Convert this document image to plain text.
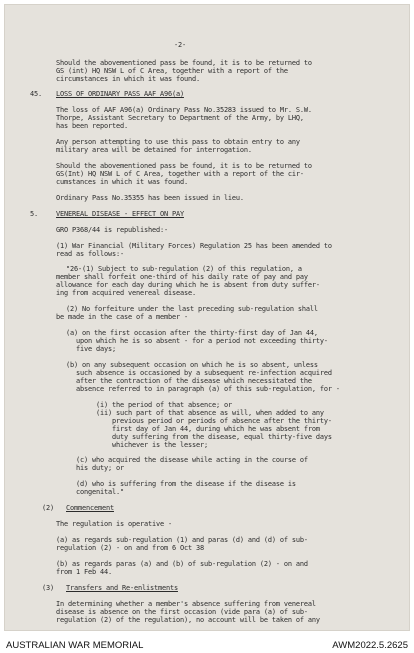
-2-
Should the abovementioned pass be found, it is to be returned to
GS (int) HQ NSW L of C Area, together with a report of the
circumstances in which it was found.
45. LOSS OF ORDINARY PASS AAF A96(a)
The loss of AAF A96(a) Ordinary Pass No.35283 issued to Mr. S.W.
Thorpe, Assistant Secretary to Department of the Army, by LHQ,
has been reported.
Any person attempting to use this pass to obtain entry to any
military area will be detained for interrogation.
Should the abovementioned pass be found, it is to be returned to
GS(Int) HQ NSW L of C Area, together with a report of the cir-
cumstances in which it was found.
Ordinary Pass No.35355 has been issued in lieu.
5.	VENEREAL DISEASE - EFFECT ON PAY
GRO P368/44 is republished:-
(1) War Financial (Military Forces) Regulation 25 has been amended to
read as follows:-
"26-(1) Subject to sub-regulation (2) of this regulation, a
member shall forfeit one-third of his daily rate of pay and pay
allowance for each day during which he is absent from duty suffer-
ing from acquired venereal disease.
(2) No forfeiture under the last preceding sub-regulation shall
be made in the case of a member -
(a) on the first occasion after the thirty-first day of Jan 44,
upon which he is so absent - for a period not exceeding thirty-
five days;
(b) on any subsequent occasion on which he is so absent, unless
such absence is occasioned by a subsequent re-infection acquired
after the contraction of the disease which necessitated the
absence referred to in paragraph (a) of this sub-regulation, for -
(i) the period of that absence; or
(ii) such part of that absence as will, when added to any
previous period or periods of absence after the thirty-
first day of Jan 44, during which he was absent from
duty suffering from the disease, equal thirty-five days
whichever is the lesser;
(c) who acquired the disease while acting in the course of
his duty; or
(d) who is suffering from the disease if the disease is
congenital."
(2) Commencement
The regulation is operative -
(a) as regards sub-regulation (1) and paras (d) and (d) of sub-
regulation (2) - on and from 6 Oct 38
(b) as regards paras (a) and (b) of sub-regulation (2) - on and
from 1 Feb 44.
(3) Transfers and Re-enlistments
In determining whether a member's absence suffering from venereal
disease is absence on the first occasion (vide para (a) of sub-
regulation (2) of the regulation), no account will be taken of any
AUSTRALIAN WAR MEMORIAL	AWM2022.5.2625
